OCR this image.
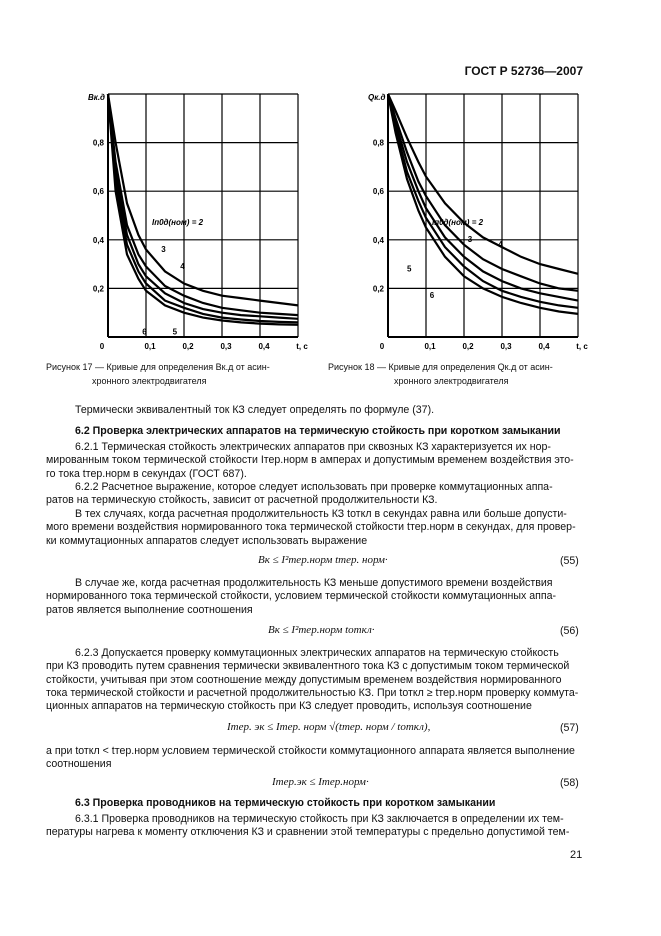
ГОСТ Р 52736—2007
0,2
0,4
0,6
0,8
0	0,1	0,2	0,3	0,4	t, c
Bк.д
Iп0д(ном) = 2
3
4
5
6
0,2
0,4
0,6
0,8
0	0,1	0,2	0,3	0,4	t, c
Qк.д
Iп0д(ном) = 2
3
4
5
6
Рисунок 17 — Кривые для определения Bк.д от асин-
хронного электродвигателя
Рисунок 18 — Кривые для определения Qк.д от асин-
хронного электродвигателя
Термически эквивалентный ток КЗ следует определять по формуле (37).
6.2 Проверка электрических аппаратов на термическую стойкость при коротком замыкании
6.2.1 Термическая стойкость электрических аппаратов при сквозных КЗ характеризуется их нор-
мированным током термической стойкости Iтер.норм в амперах и допустимым временем воздействия это-
го тока tтер.норм в секундах (ГОСТ 687).
6.2.2 Расчетное выражение, которое следует использовать при проверке коммутационных аппа-
ратов на термическую стойкость, зависит от расчетной продолжительности КЗ.
В тех случаях, когда расчетная продолжительность КЗ tоткл в секундах равна или больше допусти-
мого времени воздействия нормированного тока термической стойкости tтер.норм в секундах, для провер-
ки коммутационных аппаратов следует использовать выражение
Bк ≤ I²тер.норм tтер. норм·	(55)
В случае же, когда расчетная продолжительность КЗ меньше допустимого времени воздействия
нормированного тока термической стойкости, условием термической стойкости коммутационных аппа-
ратов является выполнение соотношения
Bк ≤ I²тер.норм tоткл·	(56)
6.2.3 Допускается проверку коммутационных электрических аппаратов на термическую стойкость
при КЗ проводить путем сравнения термически эквивалентного тока КЗ с допустимым током термической
стойкости, учитывая при этом соотношение между допустимым временем воздействия нормированного
тока термической стойкости и расчетной продолжительностью КЗ. При tоткл ≥ tтер.норм проверку коммута-
ционных аппаратов на термическую стойкость при КЗ следует проводить, используя соотношение
Iтер. эк ≤ Iтер. норм √(tтер. норм / tоткл),	(57)
а при tоткл < tтер.норм условием термической стойкости коммутационного аппарата является выполнение
соотношения
Iтер.эк ≤ Iтер.норм·	(58)
6.3 Проверка проводников на термическую стойкость при коротком замыкании
6.3.1 Проверка проводников на термическую стойкость при КЗ заключается в определении их тем-
пературы нагрева к моменту отключения КЗ и сравнении этой температуры с предельно допустимой тем-
21
